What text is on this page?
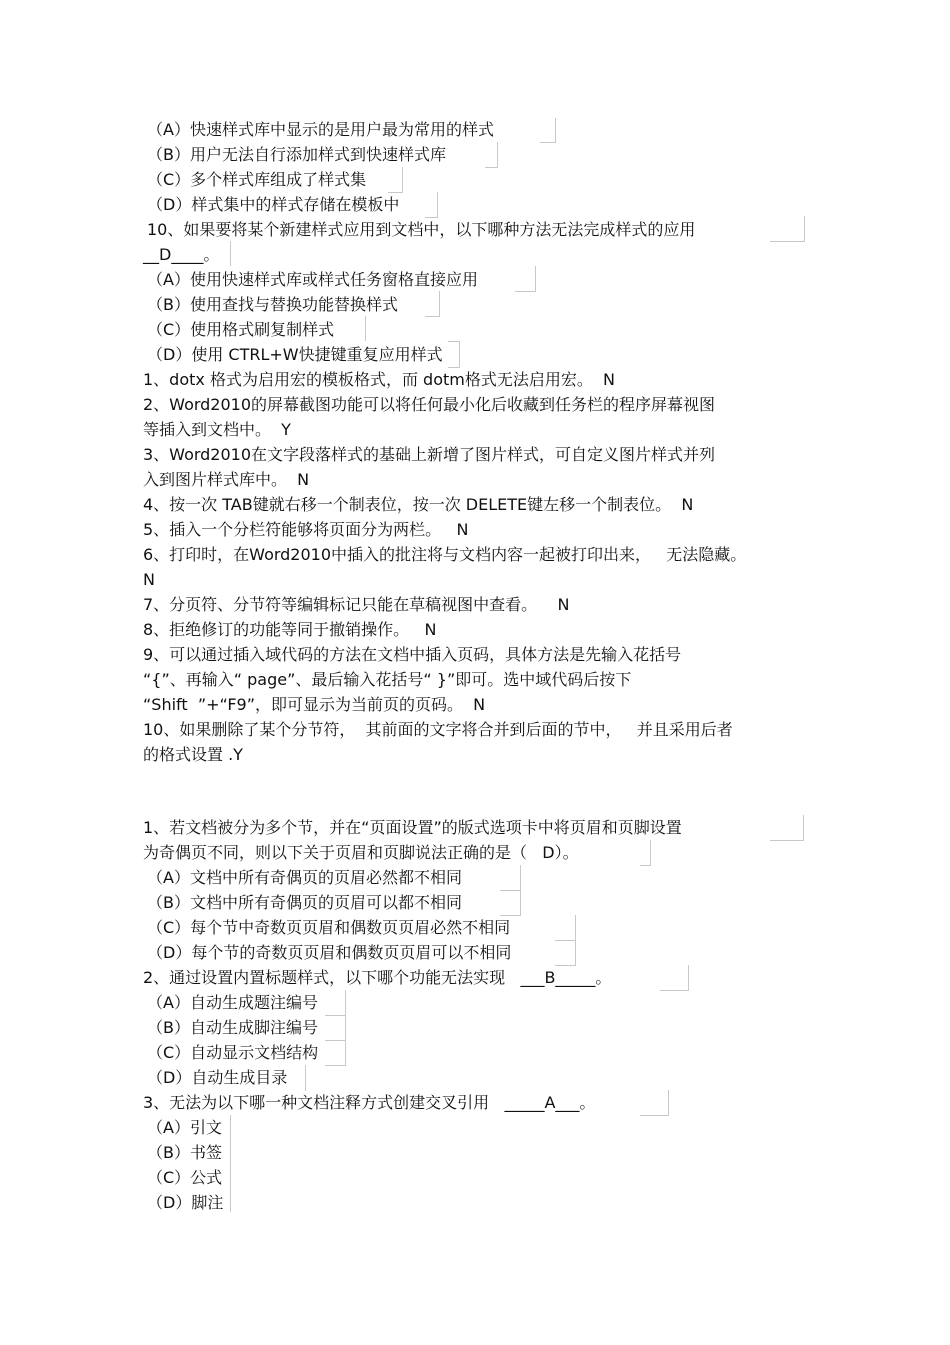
（A）快速样式库中显示的是用户最为常用的样式
（B）用户无法自行添加样式到快速样式库
（C）多个样式库组成了样式集
（D）样式集中的样式存储在模板中
10、如果要将某个新建样式应用到文档中，以下哪种方法无法完成样式的应用
__D____。
（A）使用快速样式库或样式任务窗格直接应用
（B）使用查找与替换功能替换样式
（C）使用格式刷复制样式
（D）使用 CTRL+W快捷键重复应用样式
1、dotx 格式为启用宏的模板格式，而 dotm格式无法启用宏。  N
2、Word2010的屏幕截图功能可以将任何最小化后收藏到任务栏的程序屏幕视图
等插入到文档中。  Y
3、Word2010在文字段落样式的基础上新增了图片样式，可自定义图片样式并列
入到图片样式库中。  N
4、按一次 TAB键就右移一个制表位，按一次 DELETE键左移一个制表位。  N
5、插入一个分栏符能够将页面分为两栏。   N
6、打印时，在Word2010中插入的批注将与文档内容一起被打印出来，   无法隐藏。
N
7、分页符、分节符等编辑标记只能在草稿视图中查看。    N
8、拒绝修订的功能等同于撤销操作。   N
9、可以通过插入域代码的方法在文档中插入页码，具体方法是先输入花括号
“{”、再输入“ page”、最后输入花括号“ }”即可。选中域代码后按下
“Shift  ”+“F9”，即可显示为当前页的页码。  N
10、如果删除了某个分节符，  其前面的文字将合并到后面的节中，   并且采用后者
的格式设置 .Y
1、若文档被分为多个节，并在“页面设置”的版式选项卡中将页眉和页脚设置
为奇偶页不同，则以下关于页眉和页脚说法正确的是（   D）。
（A）文档中所有奇偶页的页眉必然都不相同
（B）文档中所有奇偶页的页眉可以都不相同
（C）每个节中奇数页页眉和偶数页页眉必然不相同
（D）每个节的奇数页页眉和偶数页页眉可以不相同
2、通过设置内置标题样式，以下哪个功能无法实现   ___B_____。
（A）自动生成题注编号
（B）自动生成脚注编号
（C）自动显示文档结构
（D）自动生成目录
3、无法为以下哪一种文档注释方式创建交叉引用   _____A___。
（A）引文
（B）书签
（C）公式
（D）脚注
